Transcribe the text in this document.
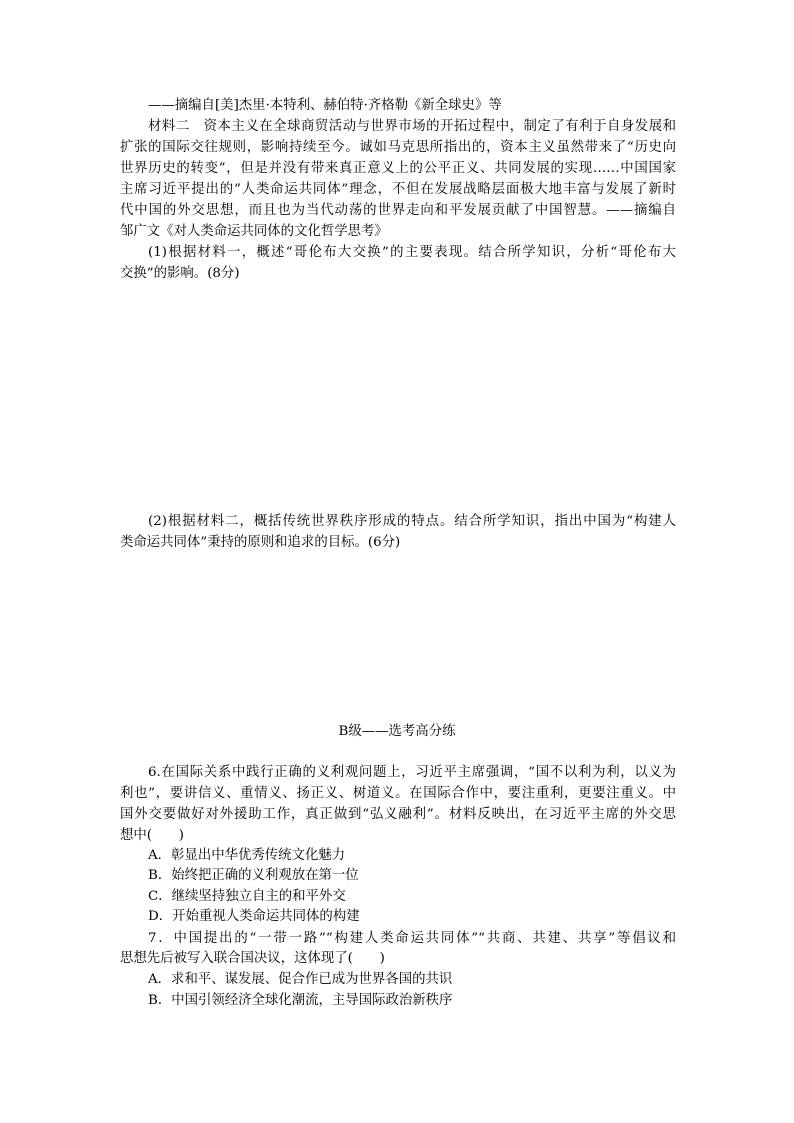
——摘编自[美]杰里·本特利、赫伯特·齐格勒《新全球史》等
材料二　资本主义在全球商贸活动与世界市场的开拓过程中，制定了有利于自身发展和
扩张的国际交往规则，影响持续至今。诚如马克思所指出的，资本主义虽然带来了“历史向
世界历史的转变”，但是并没有带来真正意义上的公平正义、共同发展的实现……中国国家
主席习近平提出的“人类命运共同体”理念，不但在发展战略层面极大地丰富与发展了新时
代中国的外交思想，而且也为当代动荡的世界走向和平发展贡献了中国智慧。——摘编自
邹广文《对人类命运共同体的文化哲学思考》
(1)根据材料一，概述“哥伦布大交换”的主要表现。结合所学知识，分析“哥伦布大
交换”的影响。(8分)
(2)根据材料二，概括传统世界秩序形成的特点。结合所学知识，指出中国为“构建人
类命运共同体”秉持的原则和追求的目标。(6分)
B级——选考高分练
6.在国际关系中践行正确的义利观问题上，习近平主席强调，“国不以利为利，以义为
利也”，要讲信义、重情义、扬正义、树道义。在国际合作中，要注重利，更要注重义。中
国外交要做好对外援助工作，真正做到“弘义融利”。材料反映出，在习近平主席的外交思
想中(　　)
A．彰显出中华优秀传统文化魅力
B．始终把正确的义利观放在第一位
C．继续坚持独立自主的和平外交
D．开始重视人类命运共同体的构建
7．中国提出的“一带一路”“构建人类命运共同体”“共商、共建、共享”等倡议和
思想先后被写入联合国决议，这体现了(　　)
A．求和平、谋发展、促合作已成为世界各国的共识
B．中国引领经济全球化潮流，主导国际政治新秩序
